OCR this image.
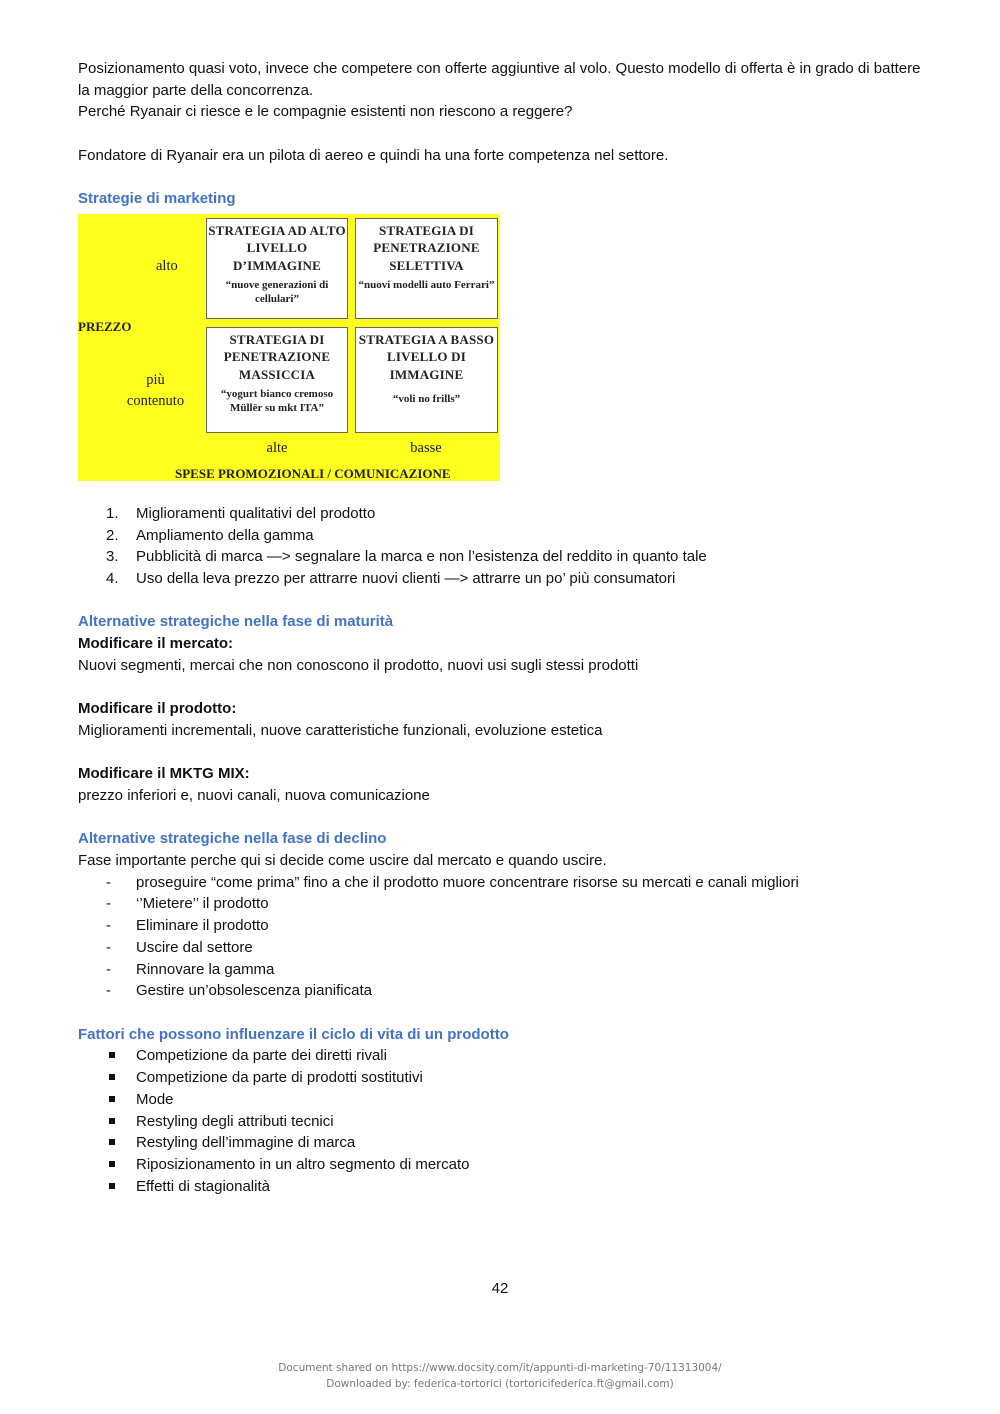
Posizionamento quasi voto, invece che competere con offerte aggiuntive al volo. Questo modello di offerta è in grado di battere la maggior parte della concorrenza.

Perché Ryanair ci riesce e le compagnie esistenti non riescono a reggere?

Fondatore di Ryanair era un pilota di aereo e quindi ha una forte competenza nel settore.

Strategie di marketing

alto
PREZZO
più
contenuto
STRATEGIA AD ALTO LIVELLO D’IMMAGINE
“nuove generazioni di cellulari”
STRATEGIA DI PENETRAZIONE SELETTIVA
“nuovi modelli auto Ferrari”
STRATEGIA DI PENETRAZIONE MASSICCIA
“yogurt bianco cremoso Müllër su mkt ITA”
STRATEGIA A BASSO LIVELLO DI IMMAGINE
“voli no frills”
alte	basse
SPESE PROMOZIONALI / COMUNICAZIONE
1. Miglioramenti qualitativi del prodotto
2. Ampliamento della gamma
3. Pubblicità di marca —> segnalare la marca e non l’esistenza del reddito in quanto tale
4. Uso della leva prezzo per attrarre nuovi clienti —> attrarre un po’ più consumatori

Alternative strategiche nella fase di maturità

Modificare il mercato:

Nuovi segmenti, mercai che non conoscono il prodotto, nuovi usi sugli stessi prodotti

Modificare il prodotto:

Miglioramenti incrementali, nuove caratteristiche funzionali, evoluzione estetica

Modificare il MKTG MIX:

prezzo inferiori e, nuovi canali, nuova comunicazione

Alternative strategiche nella fase di declino

Fase importante perche qui si decide come uscire dal mercato e quando uscire.

- proseguire “come prima” fino a che il prodotto muore concentrare risorse su mercati e canali migliori
- ‘’Mietere’’ il prodotto
- Eliminare il prodotto
- Uscire dal settore
- Rinnovare la gamma
- Gestire un’obsolescenza pianificata

Fattori che possono influenzare il ciclo di vita di un prodotto

Competizione da parte dei diretti rivali
Competizione da parte di prodotti sostitutivi
Mode
Restyling degli attributi tecnici
Restyling dell’immagine di marca
Riposizionamento in un altro segmento di mercato
Effetti di stagionalità
42
Document shared on https://www.docsity.com/it/appunti-di-marketing-70/11313004/
Downloaded by: federica-tortorici (tortoricifederica.ft@gmail.com)
